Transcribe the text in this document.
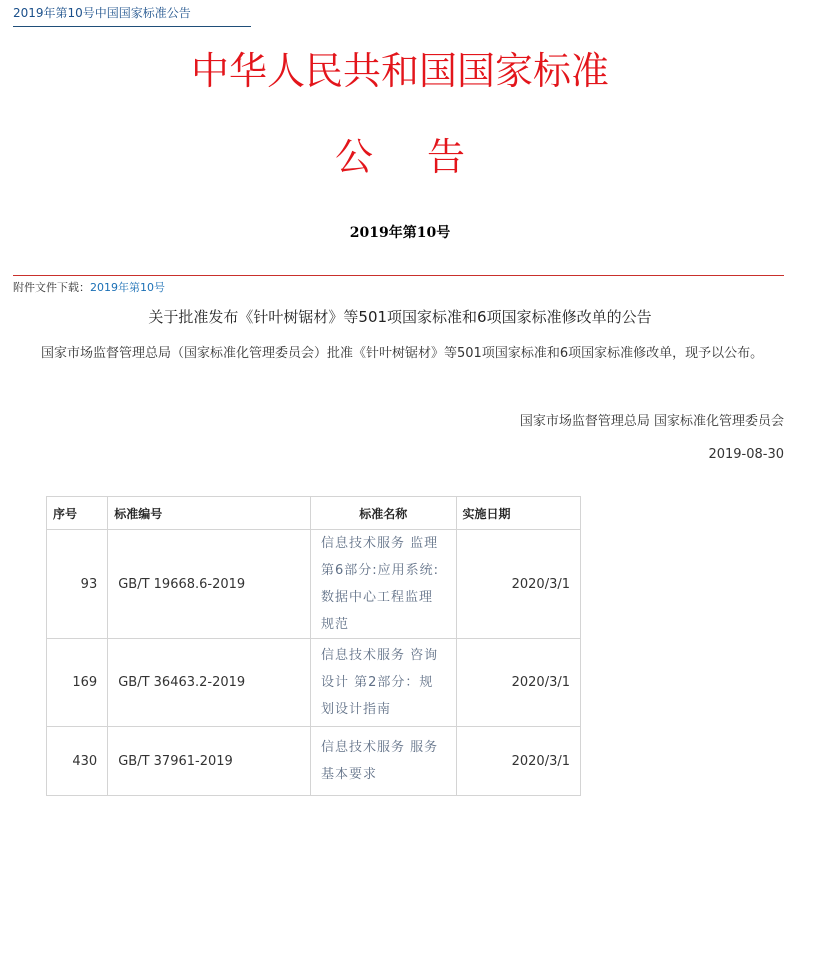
2019年第10号中国国家标准公告
中华人民共和国国家标准
公告
2019年第10号
附件文件下载：2019年第10号
关于批准发布《针叶树锯材》等501项国家标准和6项国家标准修改单的公告
国家市场监督管理总局（国家标准化管理委员会）批准《针叶树锯材》等501项国家标准和6项国家标准修改单，现予以公布。
国家市场监督管理总局 国家标准化管理委员会
2019-08-30
序号	标准编号	标准名称	实施日期
93	GB/T 19668.6-2019	信息技术服务 监理 第6部分:应用系统:数据中心工程监理规范	2020/3/1
169	GB/T 36463.2-2019	信息技术服务 咨询设计 第2部分：规划设计指南	2020/3/1
430	GB/T 37961-2019	信息技术服务 服务基本要求	2020/3/1
